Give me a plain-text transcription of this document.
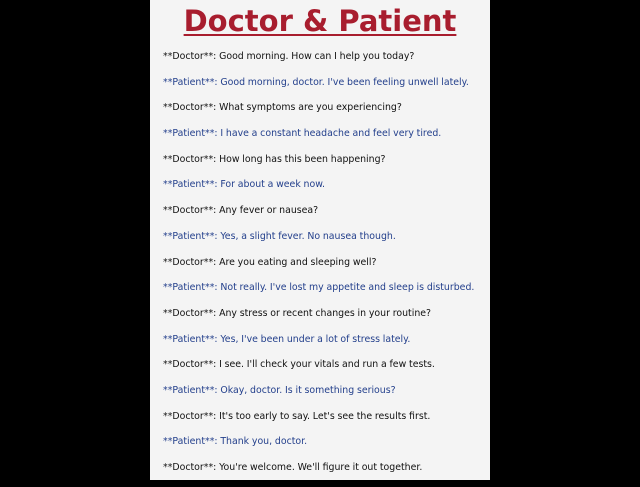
Doctor & Patient
**Doctor**: Good morning. How can I help you today?
**Patient**: Good morning, doctor. I've been feeling unwell lately.
**Doctor**: What symptoms are you experiencing?
**Patient**: I have a constant headache and feel very tired.
**Doctor**: How long has this been happening?
**Patient**: For about a week now.
**Doctor**: Any fever or nausea?
**Patient**: Yes, a slight fever. No nausea though.
**Doctor**: Are you eating and sleeping well?
**Patient**: Not really. I've lost my appetite and sleep is disturbed.
**Doctor**: Any stress or recent changes in your routine?
**Patient**: Yes, I've been under a lot of stress lately.
**Doctor**: I see. I'll check your vitals and run a few tests.
**Patient**: Okay, doctor. Is it something serious?
**Doctor**: It's too early to say. Let's see the results first.
**Patient**: Thank you, doctor.
**Doctor**: You're welcome. We'll figure it out together.
